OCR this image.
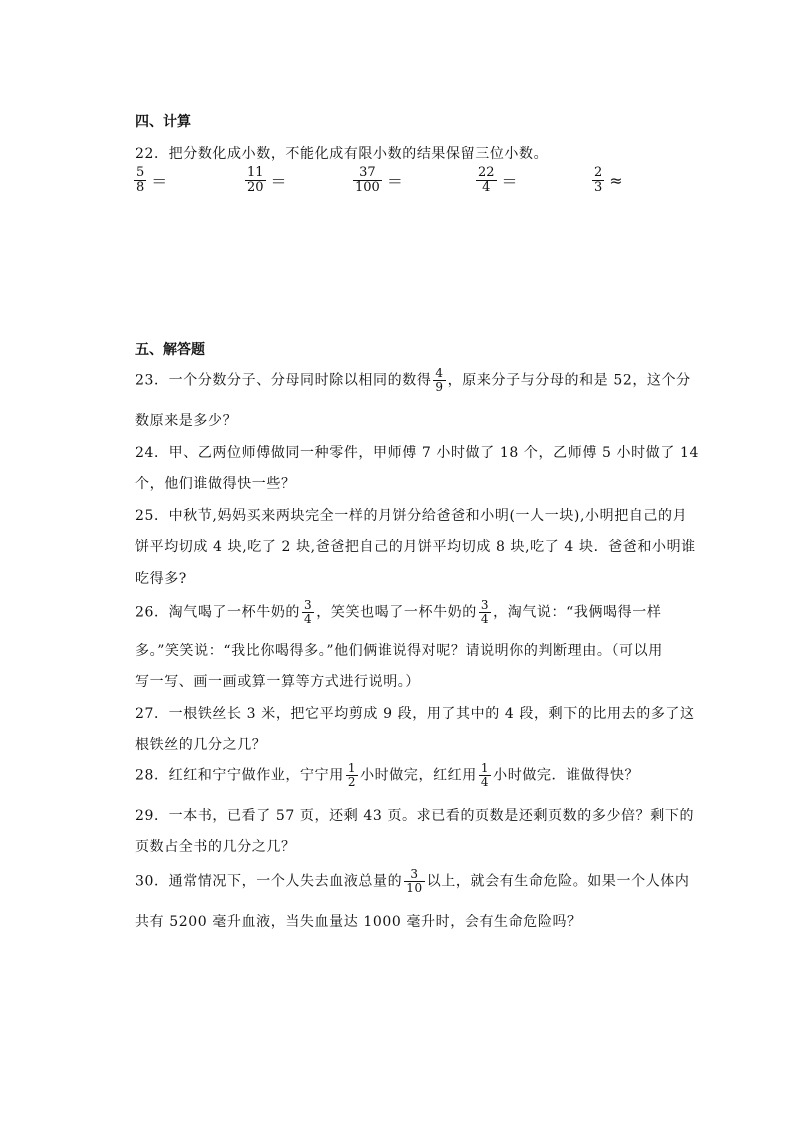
四、计算
22．把分数化成小数，不能化成有限小数的结果保留三位小数。
$\frac{5}{8}$ ＝	$\frac{11}{20}$ ＝	$\frac{37}{100}$ ＝	$\frac{22}{4}$ ＝	$\frac{2}{3}$ ≈
五、解答题
23．一个分数分子、分母同时除以相同的数得 $\frac{4}{9}$ ，原来分子与分母的和是 52，这个分
数原来是多少？
24．甲、乙两位师傅做同一种零件，甲师傅 7 小时做了 18 个，乙师傅 5 小时做了 14
个，他们谁做得快一些？
25．中秋节,妈妈买来两块完全一样的月饼分给爸爸和小明(一人一块),小明把自己的月
饼平均切成 4 块,吃了 2 块,爸爸把自己的月饼平均切成 8 块,吃了 4 块．爸爸和小明谁
吃得多?
26．淘气喝了一杯牛奶的 $\frac{3}{4}$ ，笑笑也喝了一杯牛奶的 $\frac{3}{4}$ ，淘气说：“我俩喝得一样
多。”笑笑说：“我比你喝得多。”他们俩谁说得对呢？请说明你的判断理由。（可以用
写一写、画一画或算一算等方式进行说明。）
27．一根铁丝长 3 米，把它平均剪成 9 段，用了其中的 4 段，剩下的比用去的多了这
根铁丝的几分之几？
28．红红和宁宁做作业，宁宁用 $\frac{1}{2}$ 小时做完，红红用 $\frac{1}{4}$ 小时做完．谁做得快？
29．一本书，已看了 57 页，还剩 43 页。求已看的页数是还剩页数的多少倍？剩下的
页数占全书的几分之几？
30．通常情况下，一个人失去血液总量的 $\frac{3}{10}$ 以上，就会有生命危险。如果一个人体内
共有 5200 毫升血液，当失血量达 1000 毫升时，会有生命危险吗？
